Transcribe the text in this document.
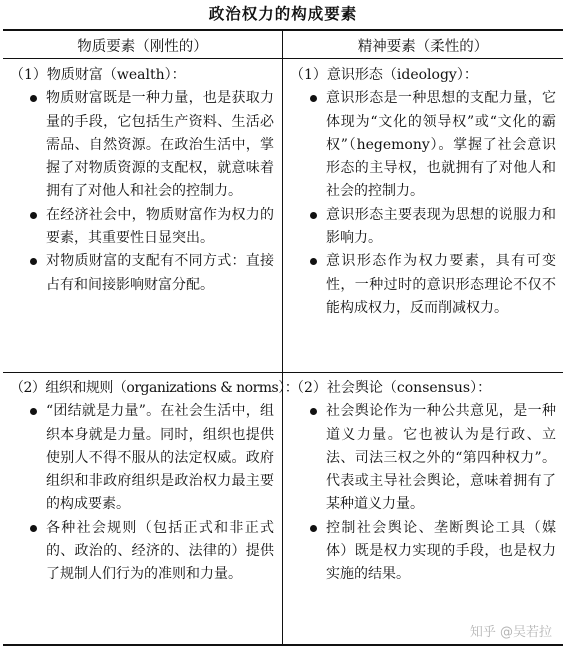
政治权力的构成要素
物质要素（刚性的）	精神要素（柔性的）
（1）物质财富（wealth）：
物质财富既是一种力量，也是获取力量的手段，它包括生产资料、生活必需品、自然资源。在政治生活中，掌握了对物质资源的支配权，就意味着拥有了对他人和社会的控制力。
在经济社会中，物质财富作为权力的要素，其重要性日显突出。
对物质财富的支配有不同方式：直接占有和间接影响财富分配。
（1）意识形态（ideology）：
意识形态是一种思想的支配力量，它体现为“文化的领导权”或“文化的霸权”（hegemony）。掌握了社会意识形态的主导权，也就拥有了对他人和社会的控制力。
意识形态主要表现为思想的说服力和影响力。
意识形态作为权力要素，具有可变性，一种过时的意识形态理论不仅不能构成权力，反而削减权力。
（2）组织和规则（organizations & norms）：
“团结就是力量”。在社会生活中，组织本身就是力量。同时，组织也提供使别人不得不服从的法定权威。政府组织和非政府组织是政治权力最主要的构成要素。
各种社会规则（包括正式和非正式的、政治的、经济的、法律的）提供了规制人们行为的准则和力量。
（2）社会舆论（consensus）：
社会舆论作为一种公共意见，是一种道义力量。它也被认为是行政、立法、司法三权之外的“第四种权力”。代表或主导社会舆论，意味着拥有了某种道义力量。
控制社会舆论、垄断舆论工具（媒体）既是权力实现的手段，也是权力实施的结果。
知乎 @吴若拉
